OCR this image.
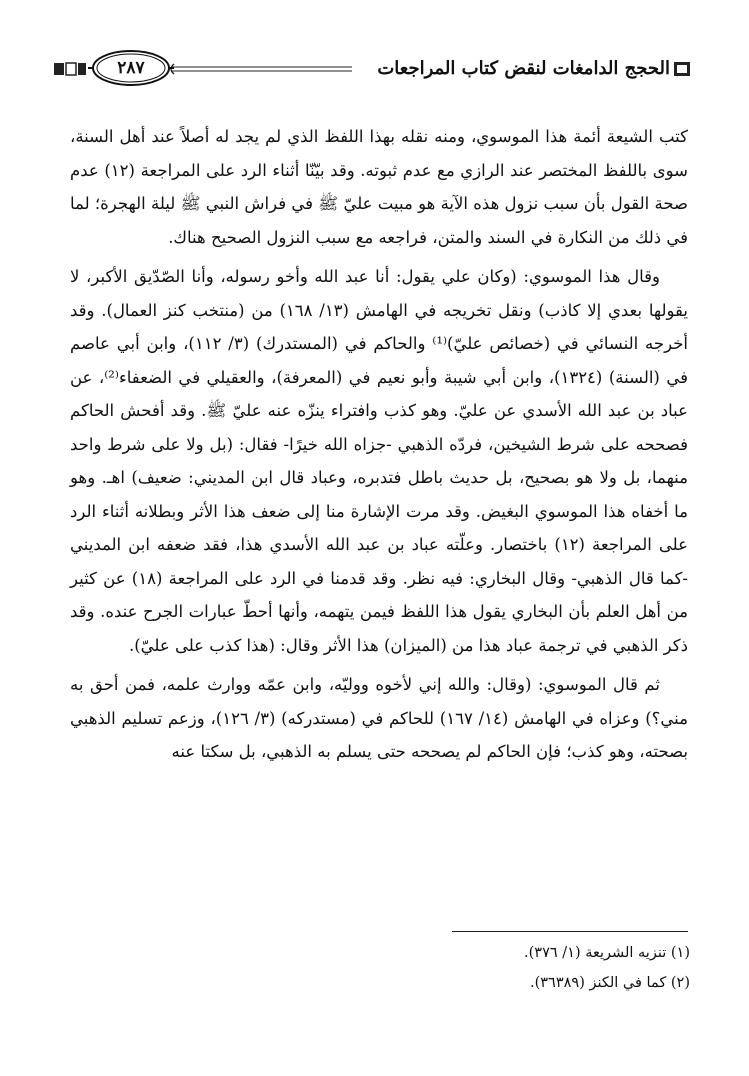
الحجج الدامغات لنقض كتاب المراجعات
٢٨٧

كتب الشيعة أئمة هذا الموسوي، ومنه نقله بهذا اللفظ الذي لم يجد له أصلاً عند أهل السنة، سوى باللفظ المختصر عند الرازي مع عدم ثبوته. وقد بيّنّا أثناء الرد على المراجعة (١٢) عدم صحة القول بأن سبب نزول هذه الآية هو مبيت عليّ ﷺ في فراش النبي ﷺ ليلة الهجرة؛ لما في ذلك من النكارة في السند والمتن، فراجعه مع سبب النزول الصحيح هناك.

وقال هذا الموسوي: (وكان علي يقول: أنا عبد الله وأخو رسوله، وأنا الصّدّيق الأكبر، لا يقولها بعدي إلا كاذب) ونقل تخريجه في الهامش (١٣/ ١٦٨) من (منتخب كنز العمال). وقد أخرجه النسائي في (خصائص عليّ)⁽¹⁾ والحاكم في (المستدرك) (٣/ ١١٢)، وابن أبي عاصم في (السنة) (١٣٢٤)، وابن أبي شيبة وأبو نعيم في (المعرفة)، والعقيلي في الضعفاء⁽²⁾، عن عباد بن عبد الله الأسدي عن عليّ. وهو كذب وافتراء ينزّه عنه عليّ ﷺ. وقد أفحش الحاكم فصححه على شرط الشيخين، فردّه الذهبي -جزاه الله خيرًا- فقال: (بل ولا على شرط واحد منهما، بل ولا هو بصحيح، بل حديث باطل فتدبره، وعباد قال ابن المديني: ضعيف) اهـ. وهو ما أخفاه هذا الموسوي البغيض. وقد مرت الإشارة منا إلى ضعف هذا الأثر وبطلانه أثناء الرد على المراجعة (١٢) باختصار. وعلّته عباد بن عبد الله الأسدي هذا، فقد ضعفه ابن المديني -كما قال الذهبي- وقال البخاري: فيه نظر. وقد قدمنا في الرد على المراجعة (١٨) عن كثير من أهل العلم بأن البخاري يقول هذا اللفظ فيمن يتهمه، وأنها أحطّ عبارات الجرح عنده. وقد ذكر الذهبي في ترجمة عباد هذا من (الميزان) هذا الأثر وقال: (هذا كذب على عليّ).

ثم قال الموسوي: (وقال: والله إني لأخوه ووليّه، وابن عمّه ووارث علمه، فمن أحق به مني؟) وعزاه في الهامش (١٤/ ١٦٧) للحاكم في (مستدركه) (٣/ ١٢٦)، وزعم تسليم الذهبي بصحته، وهو كذب؛ فإن الحاكم لم يصححه حتى يسلم به الذهبي، بل سكتا عنه

(١) تنزيه الشريعة (١/ ٣٧٦).

(٢) كما في الكنز (٣٦٣٨٩).
